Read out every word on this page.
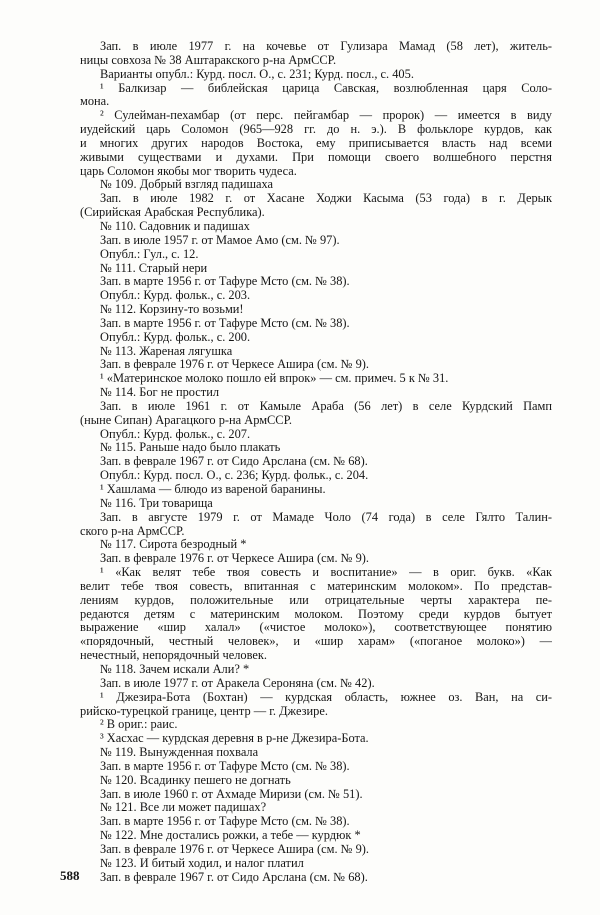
Зап. в июле 1977 г. на кочевье от Гулизара Мамад (58 лет), житель-

ницы совхоза № 38 Аштаракского р-на АрмССР.

Варианты опубл.: Курд. посл. О., с. 231; Курд. посл., с. 405.

¹ Балкизар — библейская царица Савская, возлюбленная царя Соло-

мона.

² Сулейман-пехамбар (от перс. пейгамбар — пророк) — имеется в виду

иудейский царь Соломон (965—928 гг. до н. э.). В фольклоре курдов, как

и многих других народов Востока, ему приписывается власть над всеми

живыми существами и духами. При помощи своего волшебного перстня

царь Соломон якобы мог творить чудеса.

№ 109. Добрый взгляд падишаха

Зап. в июле 1982 г. от Хасане Ходжи Касыма (53 года) в г. Дерык

(Сирийская Арабская Республика).

№ 110. Садовник и падишах

Зап. в июле 1957 г. от Мамое Амо (см. № 97).

Опубл.: Гул., с. 12.

№ 111. Старый нери

Зап. в марте 1956 г. от Тафуре Мсто (см. № 38).

Опубл.: Курд. фольк., с. 203.

№ 112. Корзину-то возьми!

Зап. в марте 1956 г. от Тафуре Мсто (см. № 38).

Опубл.: Курд. фольк., с. 200.

№ 113. Жареная лягушка

Зап. в феврале 1976 г. от Черкесе Ашира (см. № 9).

¹ «Материнское молоко пошло ей впрок» — см. примеч. 5 к № 31.

№ 114. Бог не простил

Зап. в июле 1961 г. от Камыле Араба (56 лет) в селе Курдский Памп

(ныне Сипан) Арагацкого р-на АрмССР.

Опубл.: Курд. фольк., с. 207.

№ 115. Раньше надо было плакать

Зап. в феврале 1967 г. от Сидо Арслана (см. № 68).

Опубл.: Курд. посл. О., с. 236; Курд. фольк., с. 204.

¹ Хашлама — блюдо из вареной баранины.

№ 116. Три товарища

Зап. в августе 1979 г. от Мамаде Чоло (74 года) в селе Гялто Талин-

ского р-на АрмССР.

№ 117. Сирота безродный *

Зап. в феврале 1976 г. от Черкесе Ашира (см. № 9).

¹ «Как велят тебе твоя совесть и воспитание» — в ориг. букв. «Как

велит тебе твоя совесть, впитанная с материнским молоком». По представ-

лениям курдов, положительные или отрицательные черты характера пе-

редаются детям с материнским молоком. Поэтому среди курдов бытует

выражение «шир халал» («чистое молоко»), соответствующее понятию

«порядочный, честный человек», и «шир харам» («поганое молоко») —

нечестный, непорядочный человек.

№ 118. Зачем искали Али? *

Зап. в июле 1977 г. от Аракела Сероняна (см. № 42).

¹ Джезира-Бота (Бохтан) — курдская область, южнее оз. Ван, на си-

рийско-турецкой границе, центр — г. Джезире.

² В ориг.: раис.

³ Хасхас — курдская деревня в р-не Джезира-Бота.

№ 119. Вынужденная похвала

Зап. в марте 1956 г. от Тафуре Мсто (см. № 38).

№ 120. Всадинку пешего не догнать

Зап. в июле 1960 г. от Ахмаде Миризи (см. № 51).

№ 121. Все ли может падишах?

Зап. в марте 1956 г. от Тафуре Мсто (см. № 38).

№ 122. Мне достались рожки, а тебе — курдюк *

Зап. в феврале 1976 г. от Черкесе Ашира (см. № 9).

№ 123. И битый ходил, и налог платил

Зап. в феврале 1967 г. от Сидо Арслана (см. № 68).

588
